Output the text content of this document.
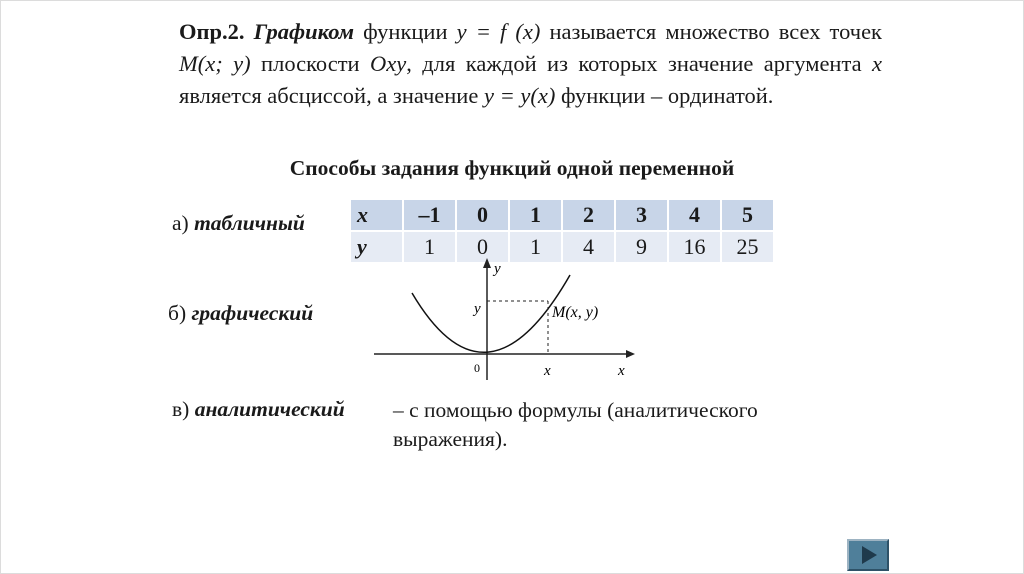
Опр.2. Графиком функции y = f (x) называется множество всех точек M(x; y) плоскости Oxy, для каждой из которых значение аргумента x является абсциссой, а значение y = y(x) функции – ординатой.
Способы задания функций одной переменной
а) табличный
б) графический
в) аналитический
x	–1	0	1	2	3	4	5
y	1	0	1	4	9	16	25
y
y	M(x, y)
0	x	x
– с помощью формулы (аналитического выражения).
